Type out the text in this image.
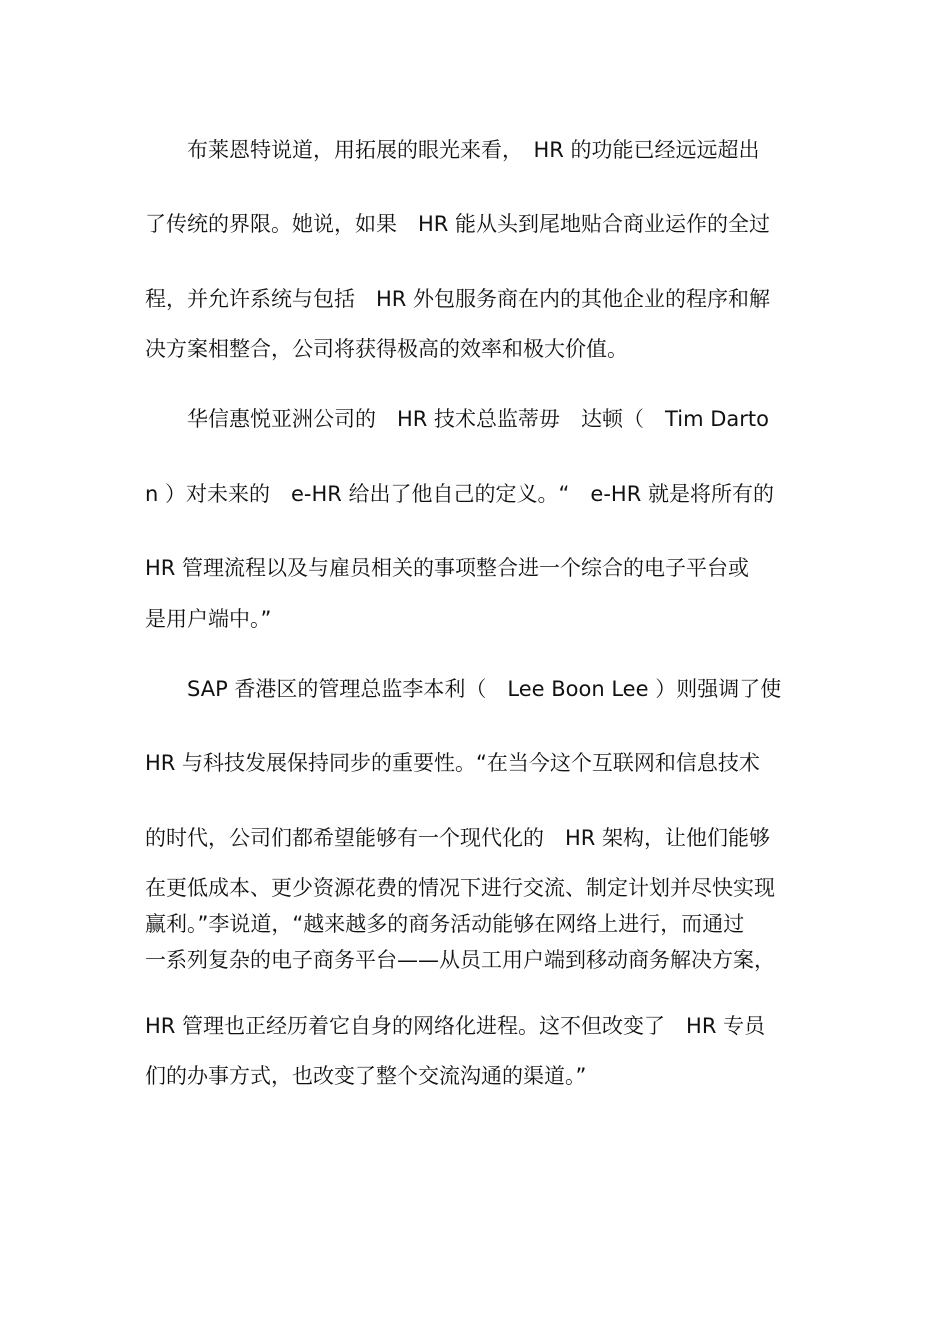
　　布莱恩特说道，用拓展的眼光来看，　HR 的功能已经远远超出
了传统的界限。她说，如果　HR 能从头到尾地贴合商业运作的全过
程，并允许系统与包括　HR 外包服务商在内的其他企业的程序和解
决方案相整合，公司将获得极高的效率和极大价值。
　　华信惠悦亚洲公司的　HR 技术总监蒂毋　达顿（　Tim Darto
n ）对未来的　e-HR 给出了他自己的定义。“　e-HR 就是将所有的
HR 管理流程以及与雇员相关的事项整合进一个综合的电子平台或
是用户端中。”
　　SAP 香港区的管理总监李本利（　Lee Boon Lee ）则强调了使
HR 与科技发展保持同步的重要性。“在当今这个互联网和信息技术
的时代，公司们都希望能够有一个现代化的　HR 架构，让他们能够
在更低成本、更少资源花费的情况下进行交流、制定计划并尽快实现
赢利。”李说道，“越来越多的商务活动能够在网络上进行，而通过
一系列复杂的电子商务平台——从员工用户端到移动商务解决方案，
HR 管理也正经历着它自身的网络化进程。这不但改变了　HR 专员
们的办事方式，也改变了整个交流沟通的渠道。”
